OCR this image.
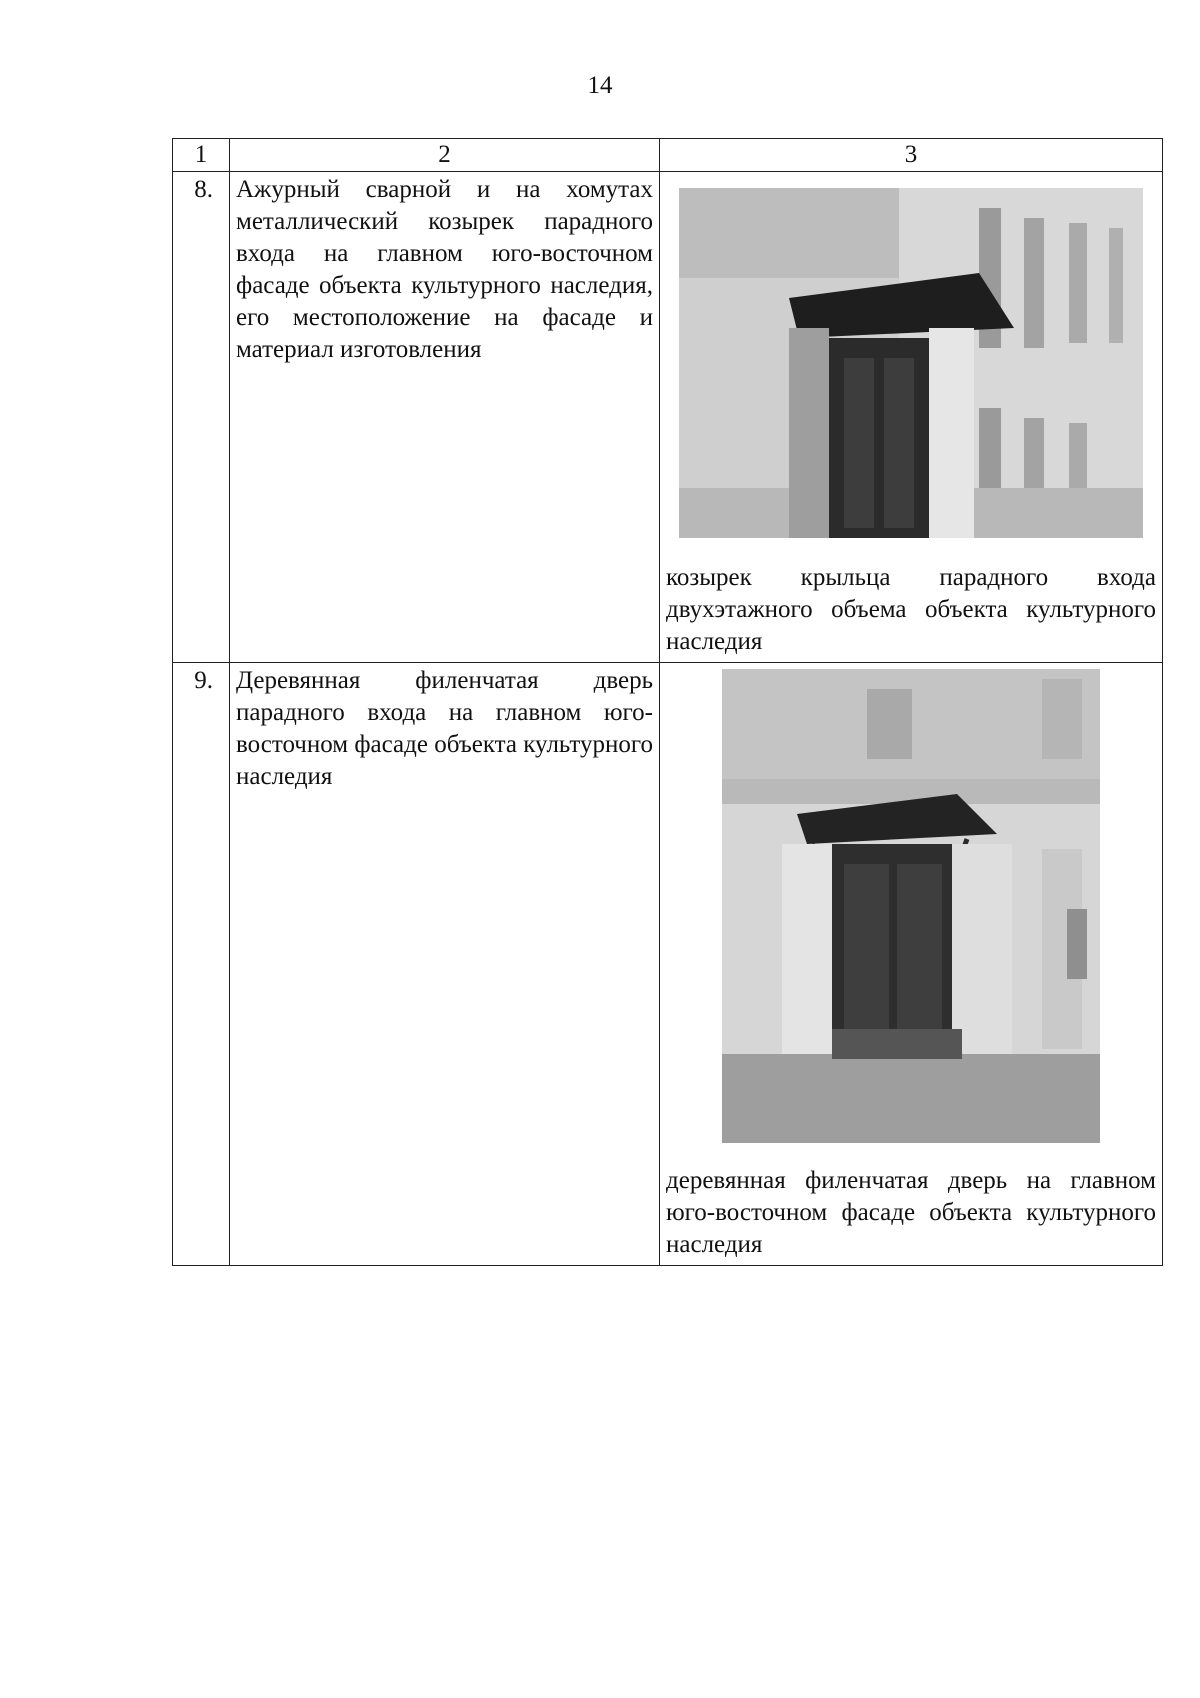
14
1	2	3
8.	Ажурный сварной и на хомутах металлический козырек парадного входа на главном юго-восточном фасаде объекта культурного наследия, его местоположение на фасаде и материал изготовления	козырек крыльца парадного входа двухэтажного объема объекта культурного наследия

9.	Деревянная филенчатая дверь парадного входа на главном юго-восточном фасаде объекта культурного наследия	деревянная филенчатая дверь на главном юго-восточном фасаде объекта культурного наследия
